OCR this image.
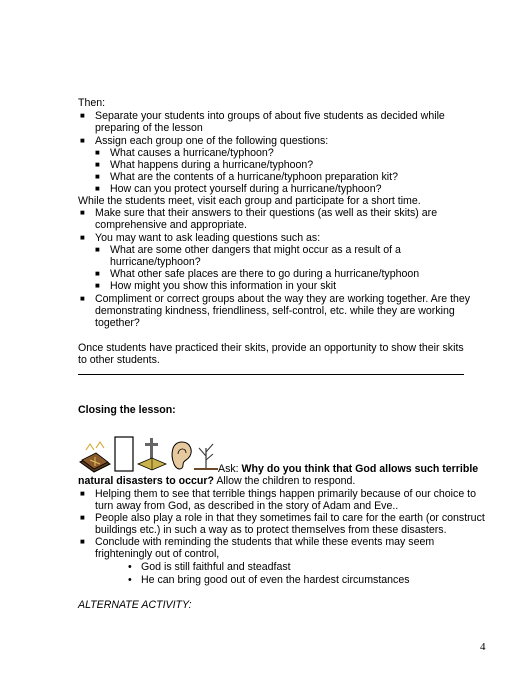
Then:
■ Separate your students into groups of about five students as decided while
preparing of the lesson
■ Assign each group one of the following questions:
■ What causes a hurricane/typhoon?
■ What happens during a hurricane/typhoon?
■ What are the contents of a hurricane/typhoon preparation kit?
■ How can you protect yourself during a hurricane/typhoon?
While the students meet, visit each group and participate for a short time.
■ Make sure that their answers to their questions (as well as their skits) are
comprehensive and appropriate.
■ You may want to ask leading questions such as:
■ What are some other dangers that might occur as a result of a
hurricane/typhoon?
■ What other safe places are there to go during a hurricane/typhoon
■ How might you show this information in your skit
■ Compliment or correct groups about the way they are working together. Are they
demonstrating kindness, friendliness, self-control, etc. while they are working
together?
Once students have practiced their skits, provide an opportunity to show their skits
to other students.
Closing the lesson:
Ask: Why do you think that God allows such terrible
natural disasters to occur? Allow the children to respond.
■ Helping them to see that terrible things happen primarily because of our choice to
turn away from God, as described in the story of Adam and Eve..
■ People also play a role in that they sometimes fail to care for the earth (or construct
buildings etc.) in such a way as to protect themselves from these disasters.
■ Conclude with reminding the students that while these events may seem
frighteningly out of control,
• God is still faithful and steadfast
• He can bring good out of even the hardest circumstances
ALTERNATE ACTIVITY:
4
